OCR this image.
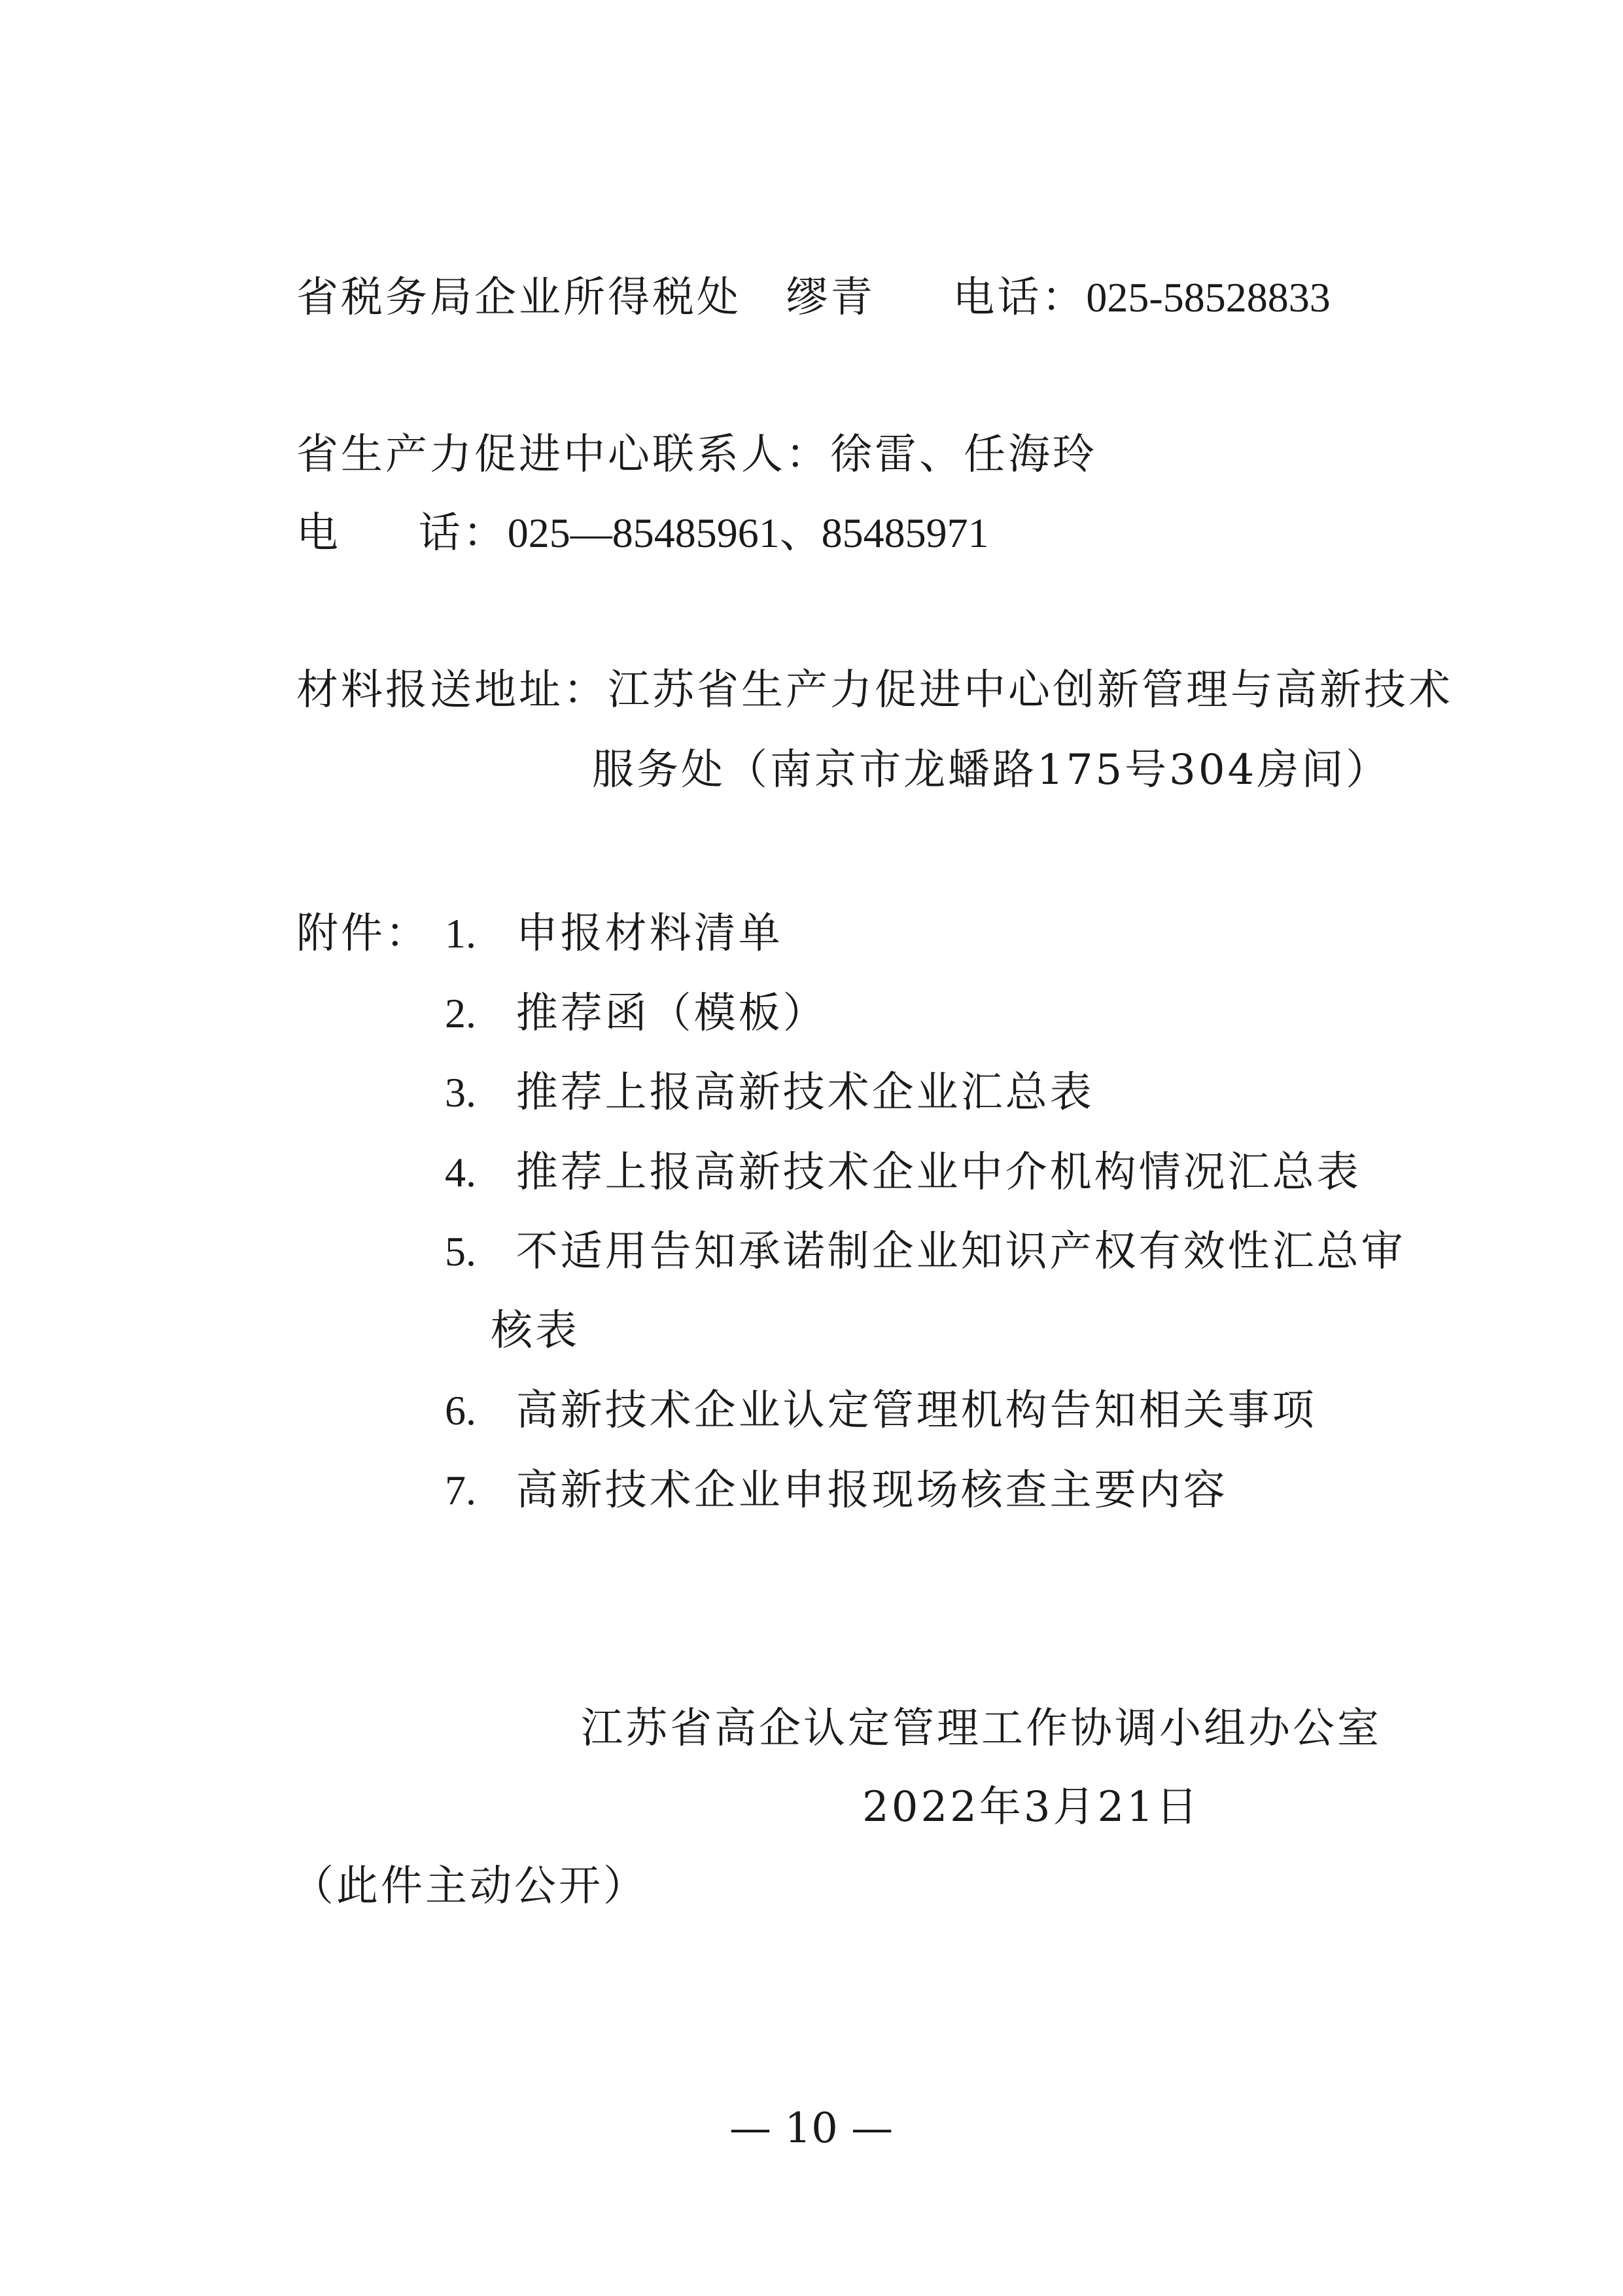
省税务局企业所得税处 缪青 电话：025-58528833
省生产力促进中心联系人：徐雷、任海玲
电 话：025—85485961、85485971
材料报送地址：江苏省生产力促进中心创新管理与高新技术
服务处（南京市龙蟠路175号304房间）
附件： 1. 申报材料清单
2. 推荐函（模板）
3. 推荐上报高新技术企业汇总表
4. 推荐上报高新技术企业中介机构情况汇总表
5. 不适用告知承诺制企业知识产权有效性汇总审
核表
6. 高新技术企业认定管理机构告知相关事项
7. 高新技术企业申报现场核查主要内容
江苏省高企认定管理工作协调小组办公室
2022年3月21日
（此件主动公开）
— 10 —
